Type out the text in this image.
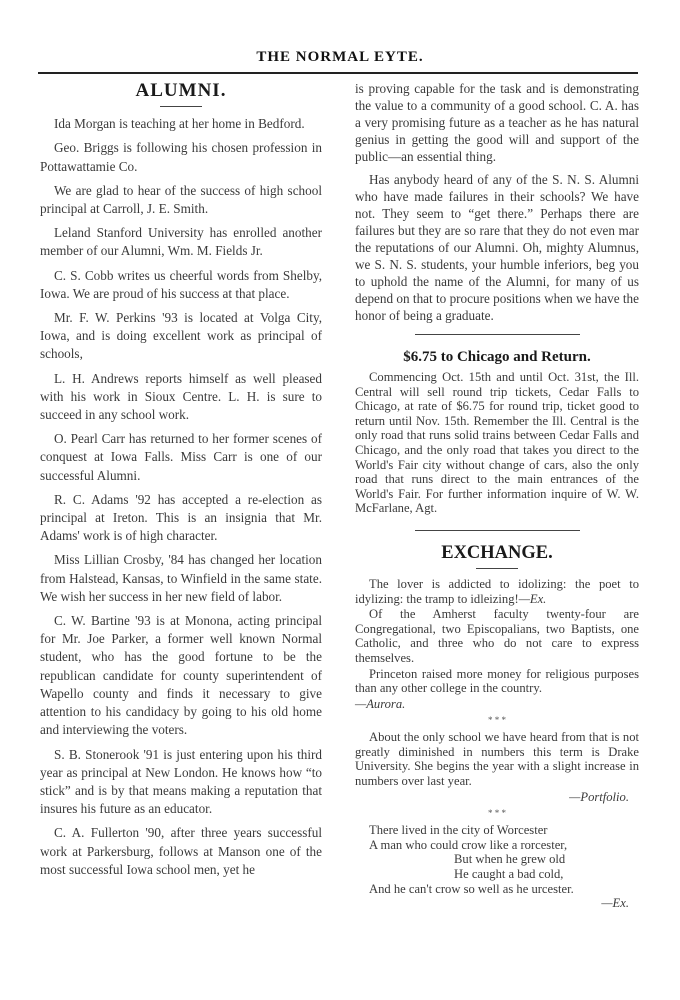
THE NORMAL EYTE.
ALUMNI.

Ida Morgan is teaching at her home in Bedford.

Geo. Briggs is following his chosen profession in Pottawattamie Co.

We are glad to hear of the success of high school principal at Carroll, J. E. Smith.

Leland Stanford University has enrolled another member of our Alumni, Wm. M. Fields Jr.

C. S. Cobb writes us cheerful words from Shelby, Iowa. We are proud of his success at that place.

Mr. F. W. Perkins '93 is located at Volga City, Iowa, and is doing excellent work as principal of schools,

L. H. Andrews reports himself as well pleased with his work in Sioux Centre. L. H. is sure to succeed in any school work.

O. Pearl Carr has returned to her former scenes of conquest at Iowa Falls. Miss Carr is one of our successful Alumni.

R. C. Adams '92 has accepted a re-election as principal at Ireton. This is an insignia that Mr. Adams' work is of high character.

Miss Lillian Crosby, '84 has changed her location from Halstead, Kansas, to Winfield in the same state. We wish her success in her new field of labor.

C. W. Bartine '93 is at Monona, acting principal for Mr. Joe Parker, a former well known Normal student, who has the good fortune to be the republican candidate for county superintendent of Wapello county and finds it necessary to give attention to his candidacy by going to his old home and interviewing the voters.

S. B. Stonerook '91 is just entering upon his third year as principal at New London. He knows how “to stick” and is by that means making a reputation that insures his future as an educator.

C. A. Fullerton '90, after three years successful work at Parkersburg, follows at Manson one of the most successful Iowa school men, yet he

is proving capable for the task and is demonstrating the value to a community of a good school. C. A. has a very promising future as a teacher as he has natural genius in getting the good will and support of the public—an essential thing.

Has anybody heard of any of the S. N. S. Alumni who have made failures in their schools? We have not. They seem to “get there.” Perhaps there are failures but they are so rare that they do not even mar the reputations of our Alumni. Oh, mighty Alumnus, we S. N. S. students, your humble inferiors, beg you to uphold the name of the Alumni, for many of us depend on that to procure positions when we have the honor of being a graduate.

$6.75 to Chicago and Return.

Commencing Oct. 15th and until Oct. 31st, the Ill. Central will sell round trip tickets, Cedar Falls to Chicago, at rate of $6.75 for round trip, ticket good to return until Nov. 15th. Remember the Ill. Central is the only road that runs solid trains between Cedar Falls and Chicago, and the only road that takes you direct to the World's Fair city without change of cars, also the only road that runs direct to the main entrances of the World's Fair. For further information inquire of W. W. McFarlane, Agt.

EXCHANGE.

The lover is addicted to idolizing: the poet to idylizing: the tramp to idleizing!—Ex.

Of the Amherst faculty twenty-four are Congregational, two Episcopalians, two Baptists, one Catholic, and three who do not care to express themselves.

Princeton raised more money for religious purposes than any other college in the country.

—Aurora.
* * *

About the only school we have heard from that is not greatly diminished in numbers this term is Drake University. She begins the year with a slight increase in numbers over last year.

—Portfolio.
* * *
There lived in the city of Worcester
A man who could crow like a rorcester,
But when he grew old
He caught a bad cold,
And he can't crow so well as he urcester.
—Ex.
